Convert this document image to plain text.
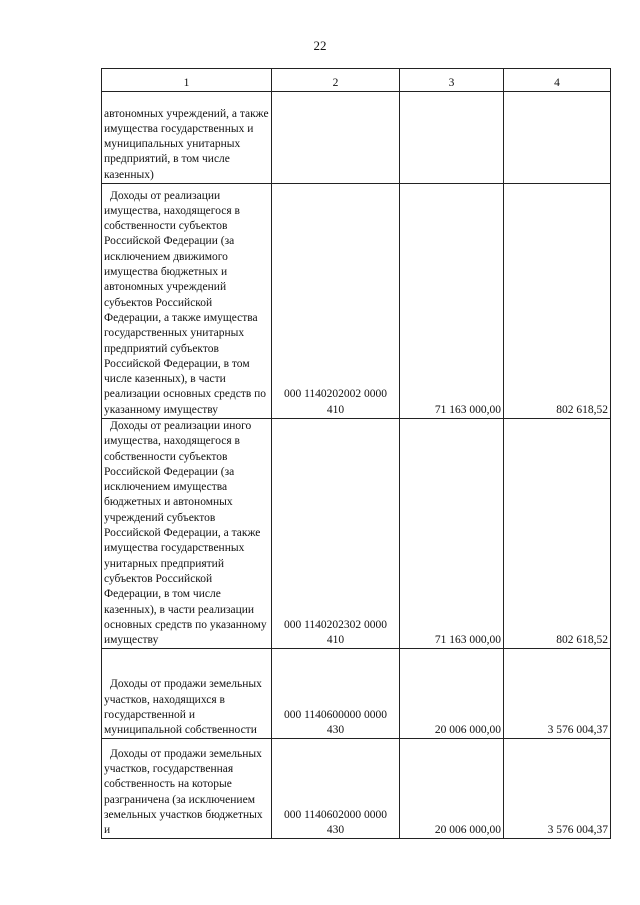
22
1	2	3	4
автономных учреждений, а также имущества государственных и муниципальных унитарных предприятий, в том числе казенных)			
Доходы от реализации имущества, находящегося в собственности субъектов Российской Федерации (за исключением движимого имущества бюджетных и автономных учреждений субъектов Российской Федерации, а также имущества государственных унитарных предприятий субъектов Российской Федерации, в том числе казенных), в части реализации основных средств по указанному имуществу	000 1140202002 0000 410	71 163 000,00	802 618,52
Доходы от реализации иного имущества, находящегося в собственности субъектов Российской Федерации (за исключением имущества бюджетных и автономных учреждений субъектов Российской Федерации, а также имущества государственных унитарных предприятий субъектов Российской Федерации, в том числе казенных), в части реализации основных средств по указанному имуществу	000 1140202302 0000 410	71 163 000,00	802 618,52
Доходы от продажи земельных участков, находящихся в государственной и муниципальной собственности	000 1140600000 0000 430	20 006 000,00	3 576 004,37
Доходы от продажи земельных участков, государственная собственность на которые разграничена (за исключением земельных участков бюджетных и	000 1140602000 0000 430	20 006 000,00	3 576 004,37
